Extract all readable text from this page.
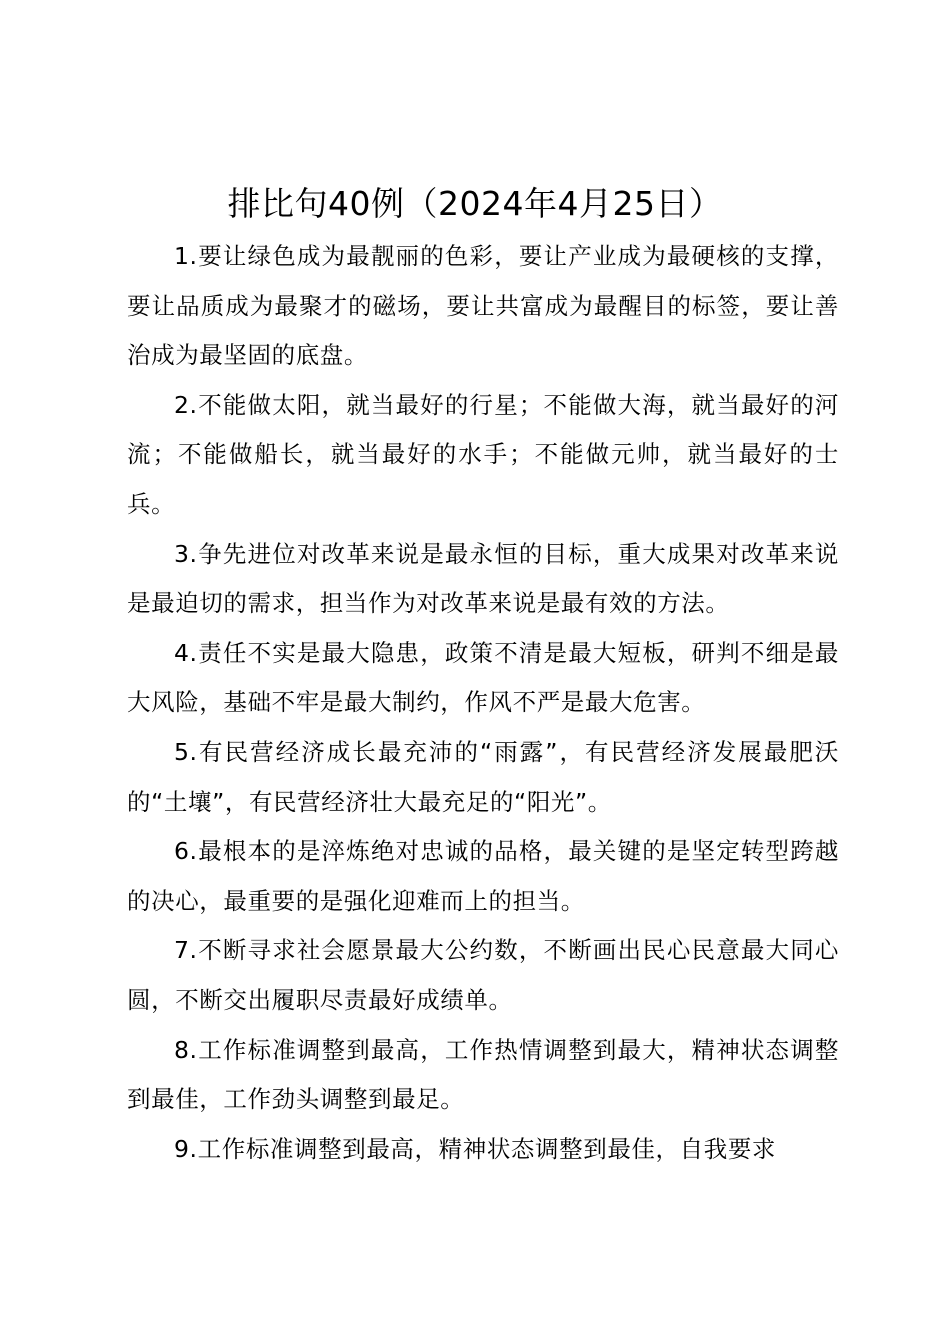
排比句40例（2024年4月25日）

1.要让绿色成为最靓丽的色彩，要让产业成为最硬核的支撑，要让品质成为最聚才的磁场，要让共富成为最醒目的标签，要让善治成为最坚固的底盘。

2.不能做太阳，就当最好的行星；不能做大海，就当最好的河流；不能做船长，就当最好的水手；不能做元帅，就当最好的士兵。

3.争先进位对改革来说是最永恒的目标，重大成果对改革来说是最迫切的需求，担当作为对改革来说是最有效的方法。

4.责任不实是最大隐患，政策不清是最大短板，研判不细是最大风险，基础不牢是最大制约，作风不严是最大危害。

5.有民营经济成长最充沛的“雨露”，有民营经济发展最肥沃的“土壤”，有民营经济壮大最充足的“阳光”。

6.最根本的是淬炼绝对忠诚的品格，最关键的是坚定转型跨越的决心，最重要的是强化迎难而上的担当。

7.不断寻求社会愿景最大公约数，不断画出民心民意最大同心圆，不断交出履职尽责最好成绩单。

8.工作标准调整到最高，工作热情调整到最大，精神状态调整到最佳，工作劲头调整到最足。

9.工作标准调整到最高，精神状态调整到最佳，自我要求
